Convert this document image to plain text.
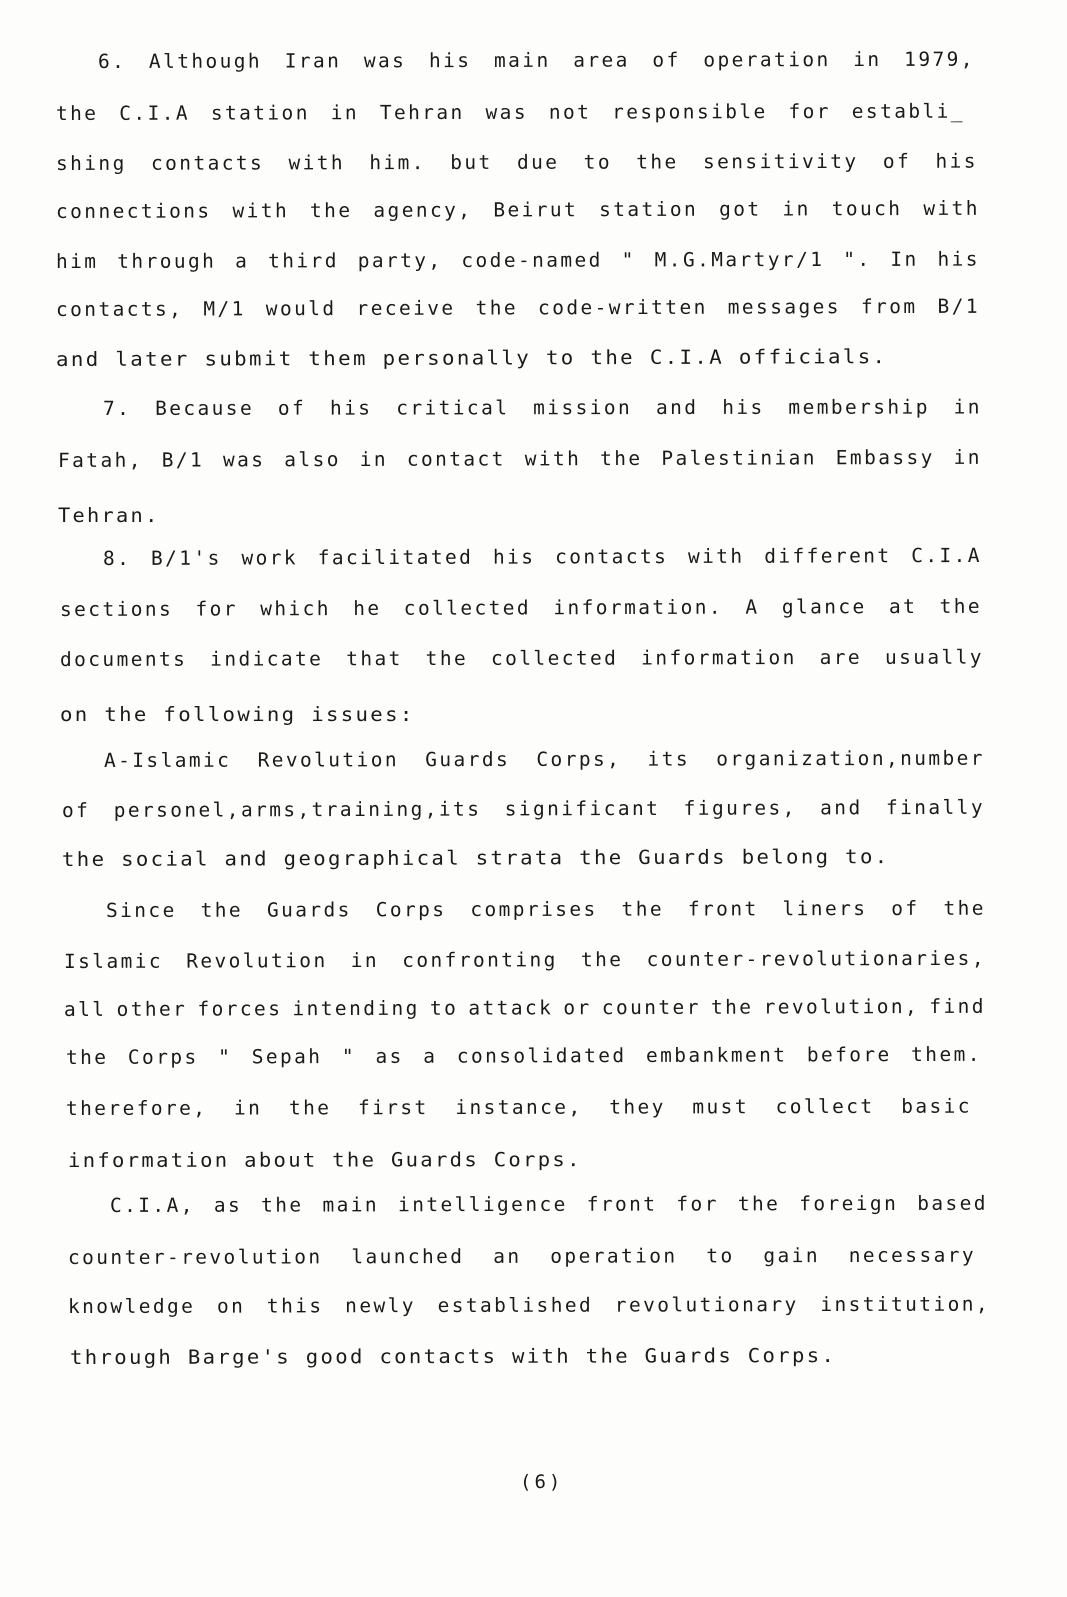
6. Although Iran was his main area of operation in 1979,
the C.I.A station in Tehran was not responsible for establi_
shing contacts with him. but due to the sensitivity of his
connections with the agency, Beirut station got in touch with
him through a third party, code-named " M.G.Martyr/1 ". In his
contacts, M/1 would receive the code-written messages from B/1
and later submit them personally to the C.I.A officials.
7. Because of his critical mission and his membership in
Fatah, B/1 was also in contact with the Palestinian Embassy in
Tehran.
8. B/1's work facilitated his contacts with different C.I.A
sections for which he collected information. A glance at the
documents indicate that the collected information are usually
on the following issues:
A-Islamic Revolution Guards Corps, its organization,number
of personel,arms,training,its significant figures, and finally
the social and geographical strata the Guards belong to.
Since the Guards Corps comprises the front liners of the
Islamic Revolution in confronting the counter-revolutionaries,
all other forces intending to attack or counter the revolution, find
the Corps " Sepah " as a consolidated embankment before them.
therefore, in the first instance, they must collect basic
information about the Guards Corps.
C.I.A, as the main intelligence front for the foreign based
counter-revolution launched an operation to gain necessary
knowledge on this newly established revolutionary institution,
through Barge's good contacts with the Guards Corps.
(6)
